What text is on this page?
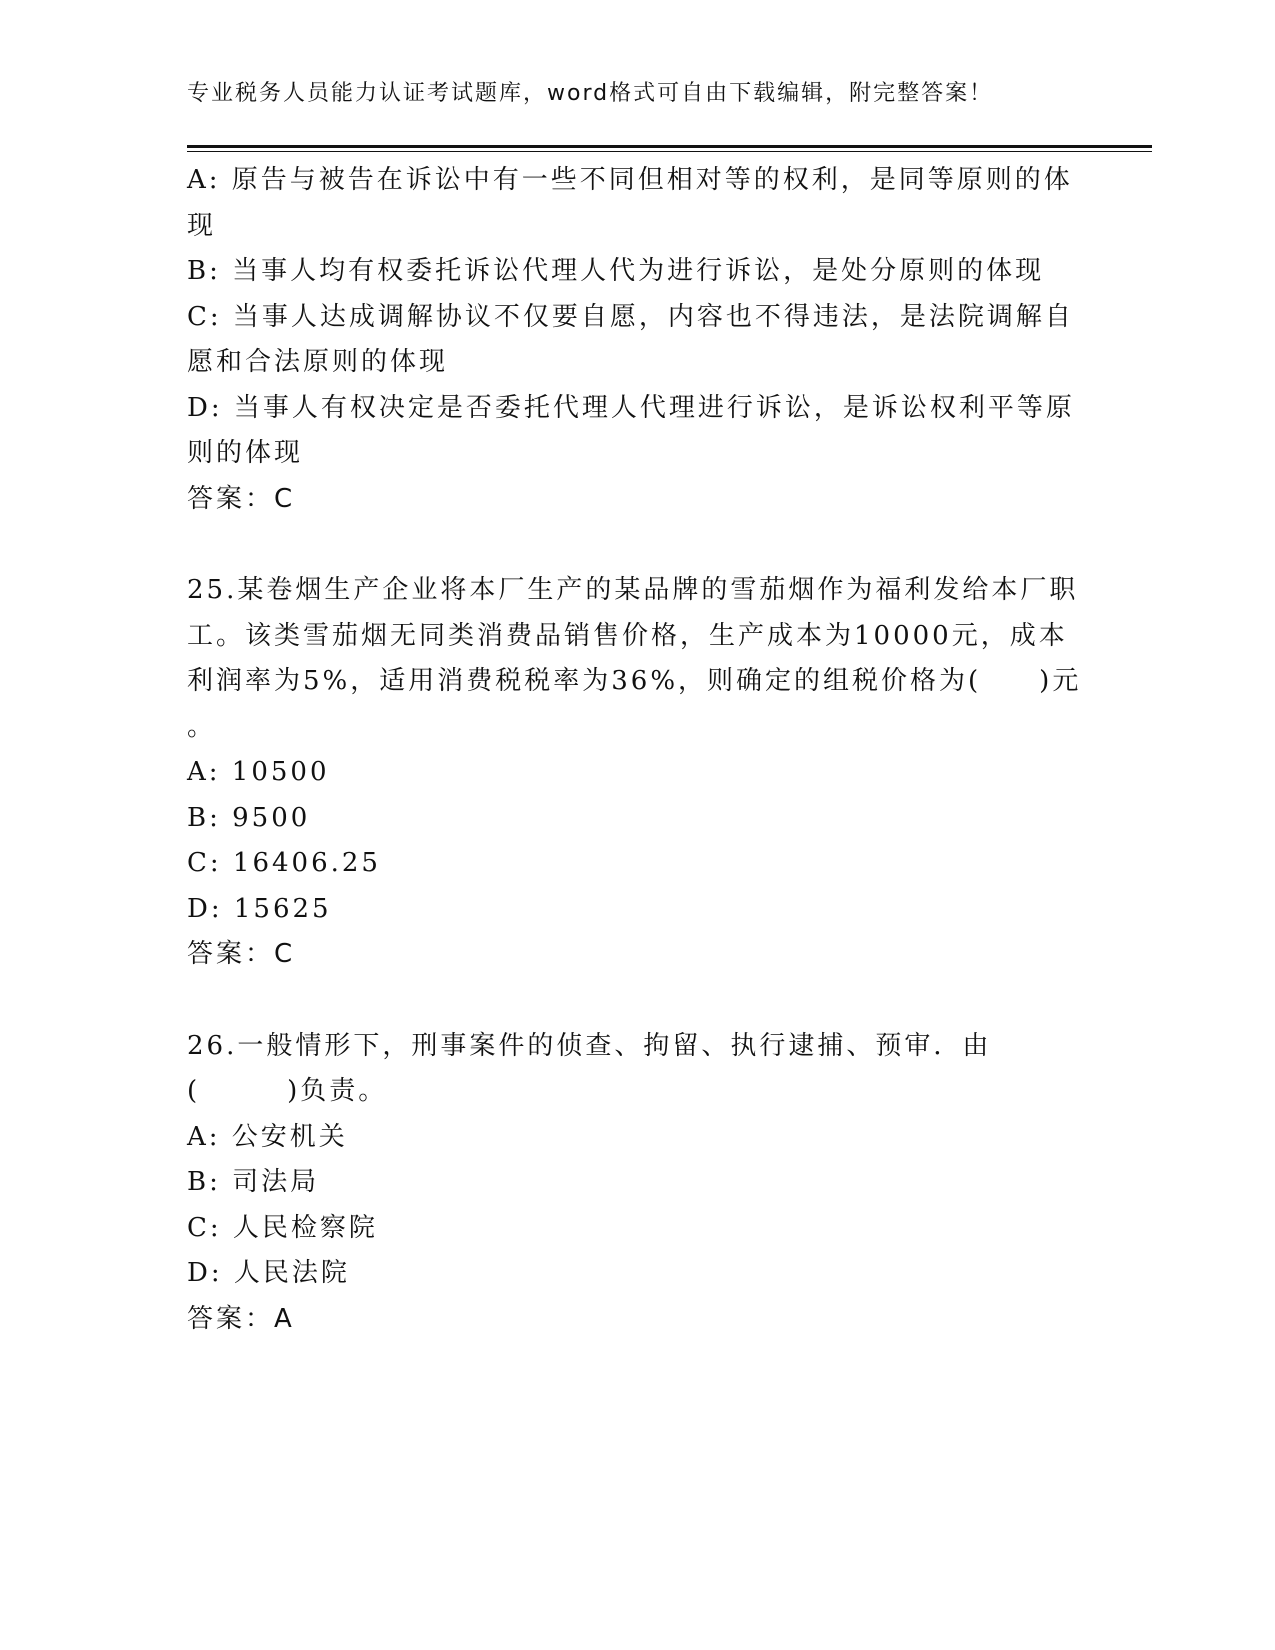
专业税务人员能力认证考试题库，word格式可自由下载编辑，附完整答案！
A: 原告与被告在诉讼中有一些不同但相对等的权利，是同等原则的体
现
B: 当事人均有权委托诉讼代理人代为进行诉讼，是处分原则的体现
C: 当事人达成调解协议不仅要自愿，内容也不得违法，是法院调解自
愿和合法原则的体现
D: 当事人有权决定是否委托代理人代理进行诉讼，是诉讼权利平等原
则的体现
答案：C
25.某卷烟生产企业将本厂生产的某品牌的雪茄烟作为福利发给本厂职
工。该类雪茄烟无同类消费品销售价格，生产成本为10000元，成本
利润率为5%，适用消费税税率为36%，则确定的组税价格为(　　)元
。
A: 10500
B: 9500
C: 16406.25
D: 15625
答案：C
26.一般情形下，刑事案件的侦查、拘留、执行逮捕、预审．由
(　　　)负责。
A: 公安机关
B: 司法局
C: 人民检察院
D: 人民法院
答案：A
